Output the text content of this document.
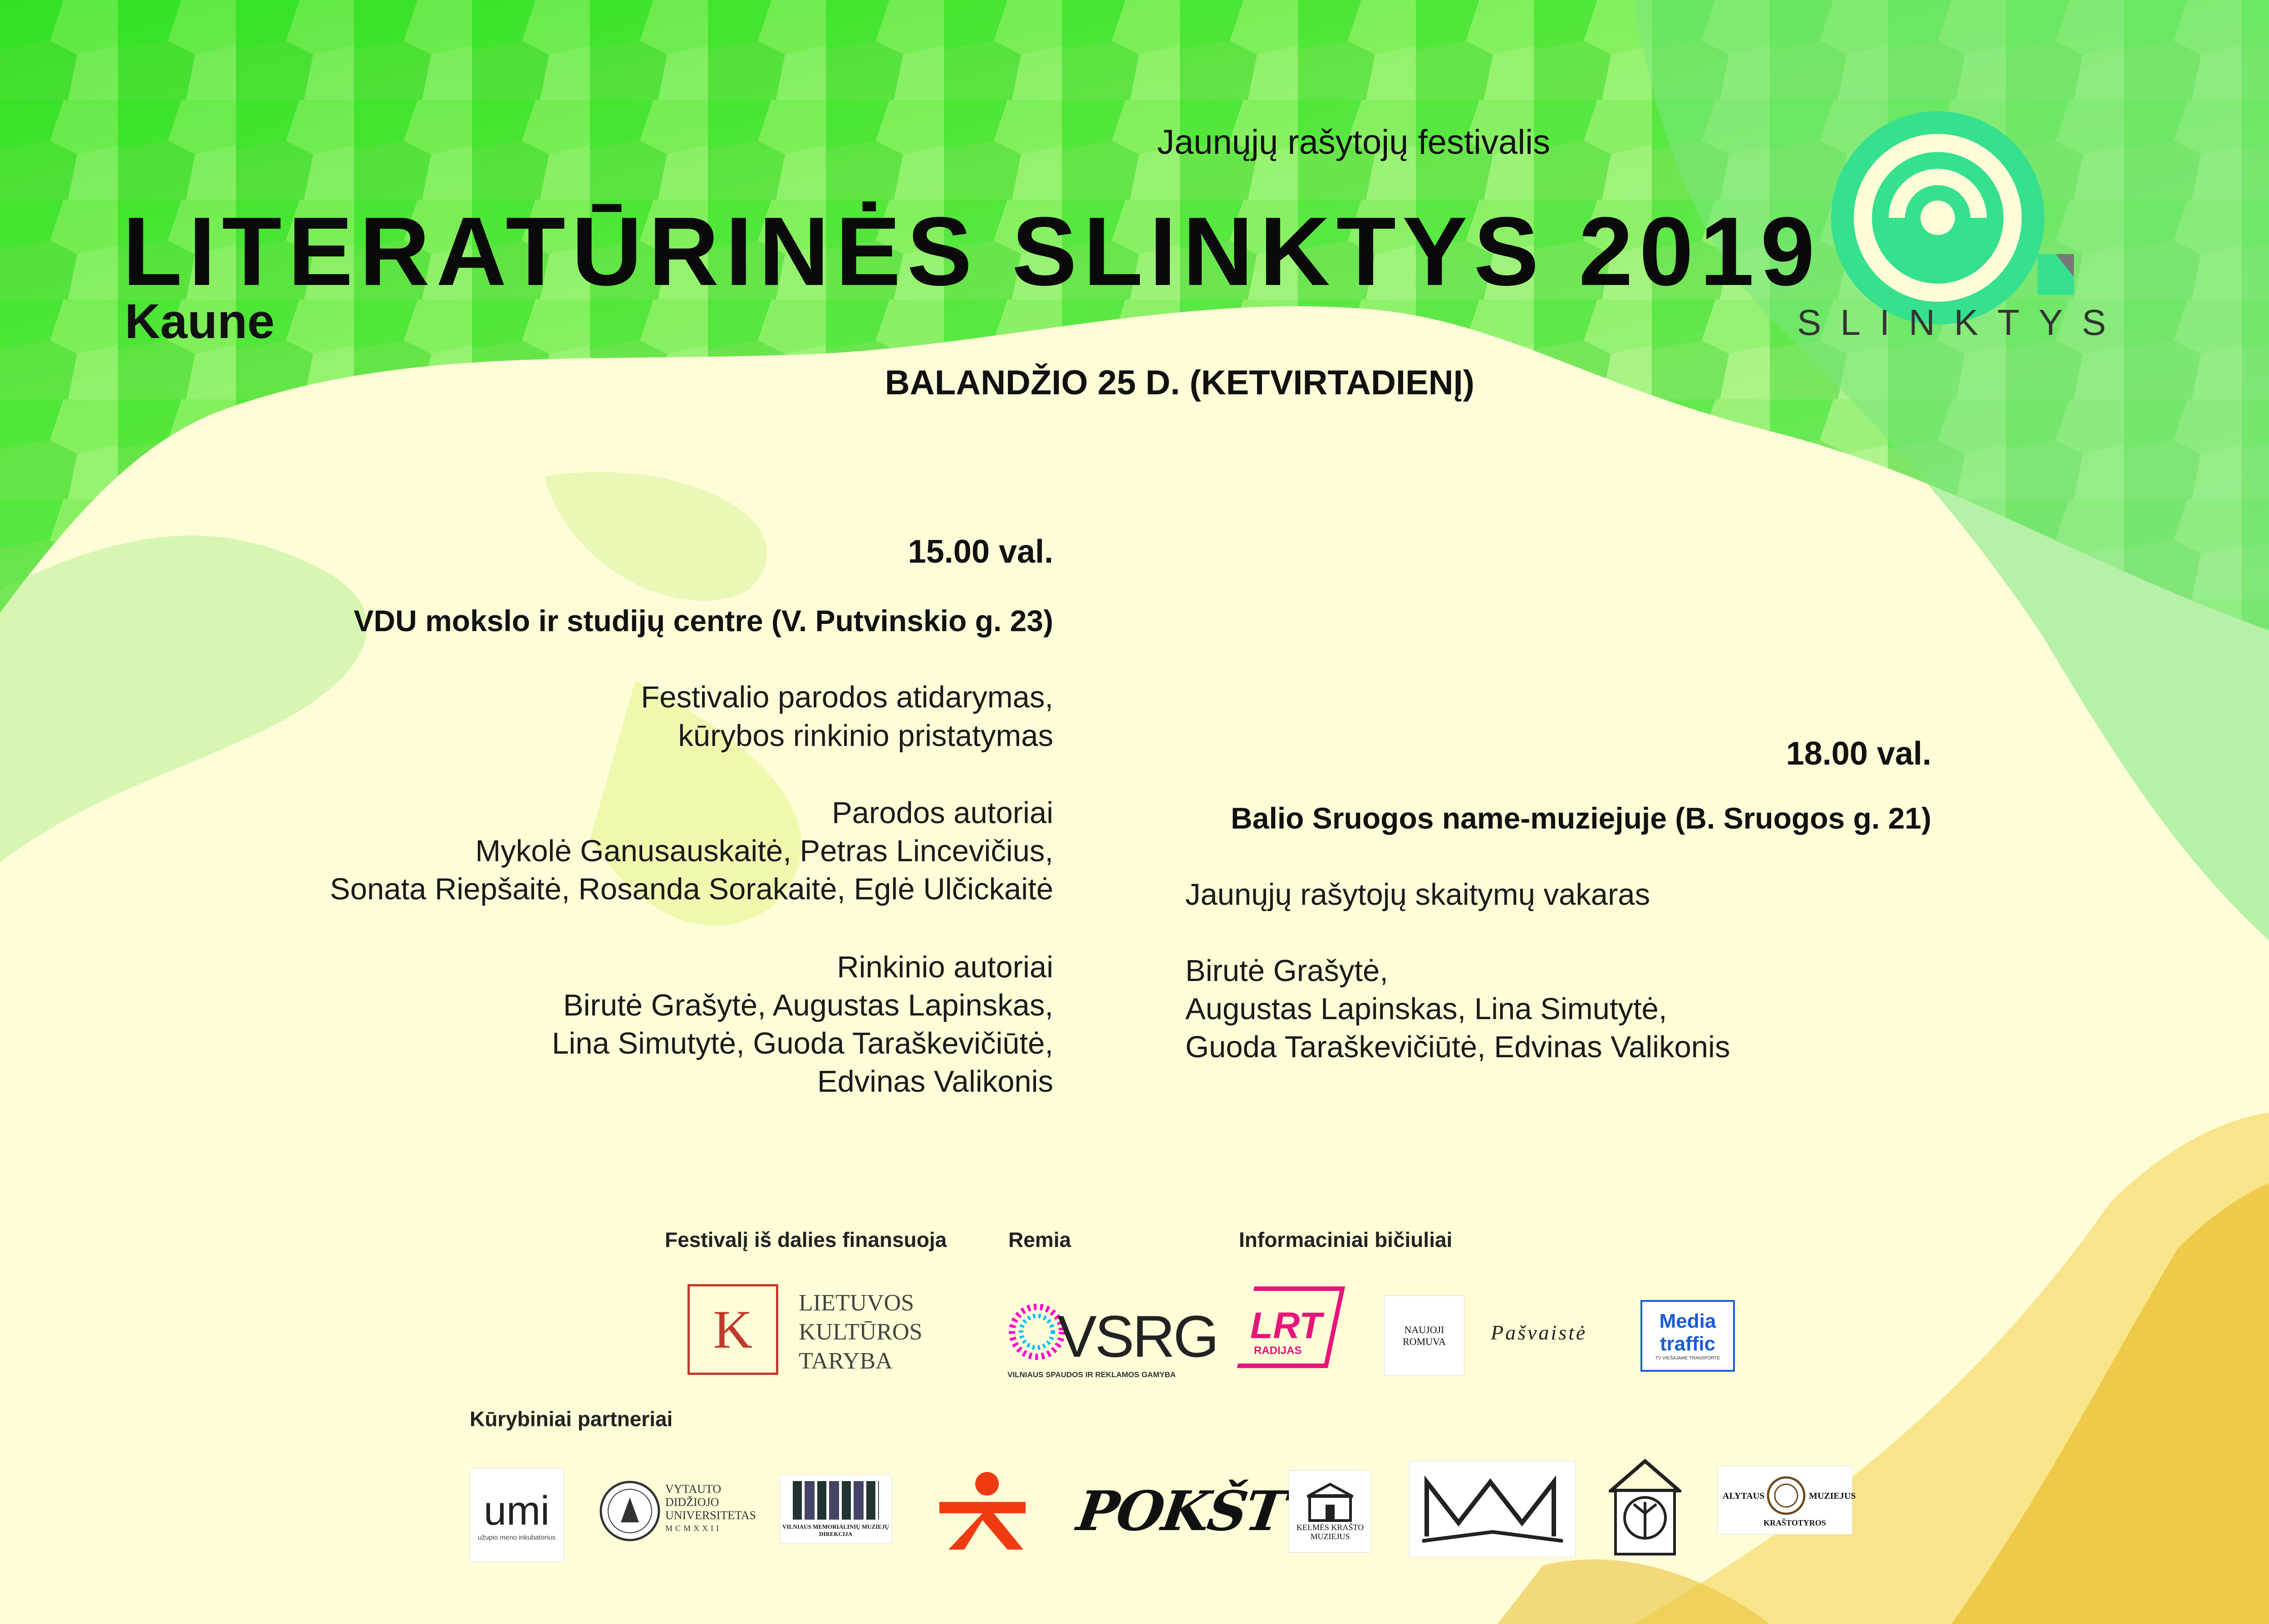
Jaunųjų rašytojų festivalis
LITERATŪRINĖS SLINKTYS 2019
Kaune
BALANDŽIO 25 D. (KETVIRTADIENĮ)
SLINKTYS
15.00 val.
VDU mokslo ir studijų centre (V. Putvinskio g. 23)
Festivalio parodos atidarymas,
kūrybos rinkinio pristatymas
Parodos autoriai
Mykolė Ganusauskaitė, Petras Lincevičius,
Sonata Riepšaitė, Rosanda Sorakaitė, Eglė Ulčickaitė
Rinkinio autoriai
Birutė Grašytė, Augustas Lapinskas,
Lina Simutytė, Guoda Taraškevičiūtė,
Edvinas Valikonis
18.00 val.
Balio Sruogos name-muziejuje (B. Sruogos g. 21)
Jaunųjų rašytojų skaitymų vakaras
Birutė Grašytė,
Augustas Lapinskas, Lina Simutytė,
Guoda Taraškevičiūtė, Edvinas Valikonis
Festivalį iš dalies finansuoja	Remia	Informaciniai bičiuliai
Kūrybiniai partneriai
K	LIETUVOS
KULTŪROS
TARYBA	VSRG
VILNIAUS SPAUDOS IR REKLAMOS GAMYBA
LRT
RADIJAS
NAUJOJI
ROMUVA Pašvaistė	Media
traffic
TV VIEŠAJAME TRANSPORTE
umi
užupio meno inkubatorius
VYTAUTO
DIDŽIOJO
UNIVERSITETAS
MCMXXII	VILNIAUS MEMORIALINIŲ MUZIEJŲ DIREKCIJA	POKŠT KELMĖS KRAŠTO
MUZIEJUS
ALYTAUS	MUZIEJUS
KRAŠTOTYROS
